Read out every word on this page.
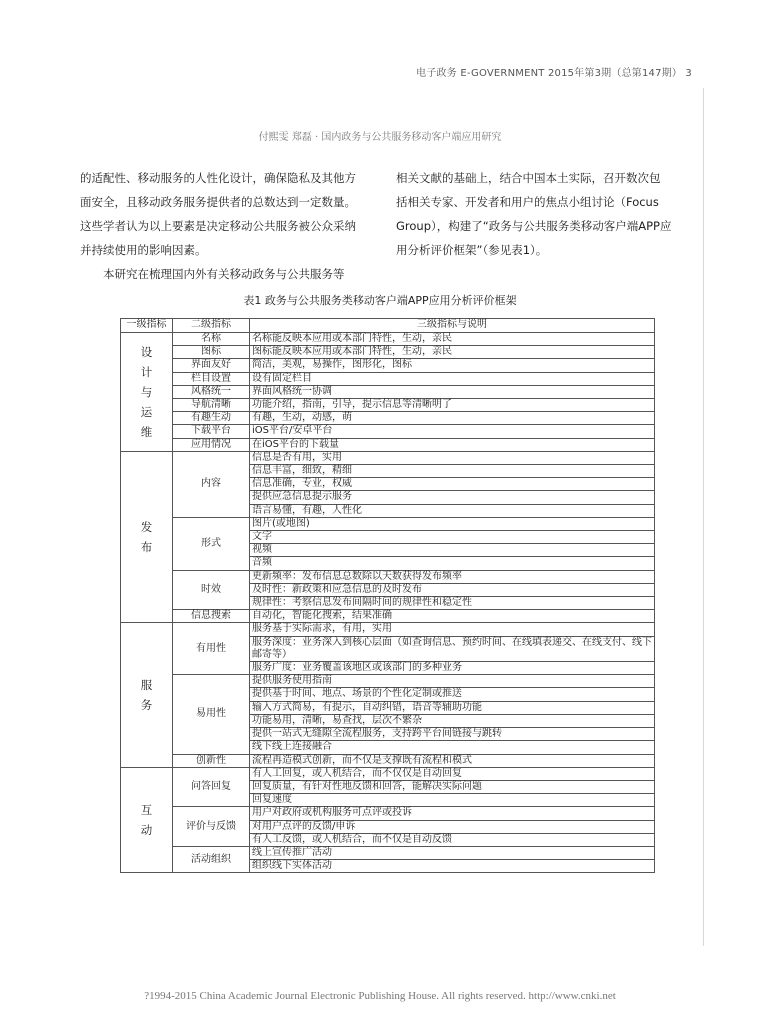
电子政务 E-GOVERNMENT 2015年第3期（总第147期） 3
付熙雯 郑磊 · 国内政务与公共服务移动客户端应用研究

的适配性、移动服务的人性化设计，确保隐私及其他方

面安全，且移动政务服务提供者的总数达到一定数量。

这些学者认为以上要素是决定移动公共服务被公众采纳

并持续使用的影响因素。

本研究在梳理国内外有关移动政务与公共服务等

相关文献的基础上，结合中国本土实际，召开数次包

括相关专家、开发者和用户的焦点小组讨论（Focus

Group），构建了“政务与公共服务类移动客户端APP应

用分析评价框架”（参见表1）。

表1 政务与公共服务类移动客户端APP应用分析评价框架
一级指标	二级指标	三级指标与说明

设
计
与
运
维	名称	名称能反映本应用或本部门特性，生动，亲民
	图标	图标能反映本应用或本部门特性，生动，亲民
	界面友好	简洁，美观，易操作，图形化，图标
	栏目设置	设有固定栏目
	风格统一	界面风格统一协调
	导航清晰	功能介绍，指南，引导，提示信息等清晰明了
	有趣生动	有趣，生动，动感，萌
	下载平台	iOS平台/安卓平台
	应用情况	在iOS平台的下载量

发
布	内容	信息是否有用，实用
		信息丰富，细致，精细
		信息准确，专业，权威
		提供应急信息提示服务
		语言易懂，有趣，人性化
	形式	图片(或地图)
		文字
		视频
		音频
	时效	更新频率：发布信息总数除以天数获得发布频率
		及时性：新政策和应急信息的及时发布
		规律性：考察信息发布间隔时间的规律性和稳定性
	信息搜索	自动化，智能化搜索，结果准确

服
务	有用性	服务基于实际需求，有用，实用
		服务深度：业务深入到核心层面（如查询信息、预约时间、在线填表递交、在线支付、线下邮寄等）
		服务广度：业务覆盖该地区或该部门的多种业务
	易用性	提供服务使用指南
		提供基于时间、地点、场景的个性化定制或推送
		输入方式简易，有提示，自动纠错，语音等辅助功能
		功能易用，清晰，易查找，层次不繁杂
		提供一站式无缝隙全流程服务，支持跨平台间链接与跳转
		线下线上连接融合
	创新性	流程再造模式创新，而不仅是支撑既有流程和模式

互
动	问答回复	有人工回复，或人机结合，而不仅仅是自动回复
		回复质量，有针对性地反馈和回答，能解决实际问题
		回复速度
	评价与反馈	用户对政府或机构服务可点评或投诉
		对用户点评的反馈/申诉
		有人工反馈，或人机结合，而不仅是自动反馈
	活动组织	线上宣传推广活动
		组织线下实体活动
?1994-2015 China Academic Journal Electronic Publishing House. All rights reserved. http://www.cnki.net
